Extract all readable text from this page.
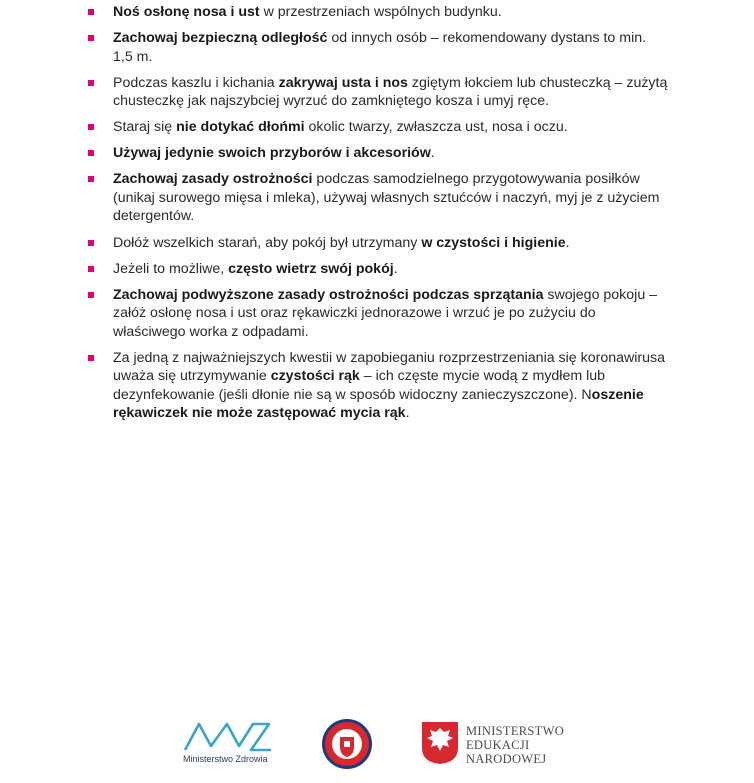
Noś osłonę nosa i ust w przestrzeniach wspólnych budynku.
Zachowaj bezpieczną odległość od innych osób – rekomendowany dystans to min. 1,5 m.
Podczas kaszlu i kichania zakrywaj usta i nos zgiętym łokciem lub chusteczką – zużytą chusteczkę jak najszybciej wyrzuć do zamkniętego kosza i umyj ręce.
Staraj się nie dotykać dłońmi okolic twarzy, zwłaszcza ust, nosa i oczu.
Używaj jedynie swoich przyborów i akcesoriów.
Zachowaj zasady ostrożności podczas samodzielnego przygotowywania posiłków (unikaj surowego mięsa i mleka), używaj własnych sztućców i naczyń, myj je z użyciem detergentów.
Dołóż wszelkich starań, aby pokój był utrzymany w czystości i higienie.
Jeżeli to możliwe, często wietrz swój pokój.
Zachowaj podwyższone zasady ostrożności podczas sprzątania swojego pokoju – załóż osłonę nosa i ust oraz rękawiczki jednorazowe i wrzuć je po zużyciu do właściwego worka z odpadami.
Za jedną z najważniejszych kwestii w zapobieganiu rozprzestrzeniania się koronawirusa uważa się utrzymywanie czystości rąk – ich częste mycie wodą z mydłem lub dezynfekowanie (jeśli dłonie nie są w sposób widoczny zanieczyszczone). Noszenie rękawiczek nie może zastępować mycia rąk.
Ministerstwo Zdrowia
MINISTERSTWO
EDUKACJI
NARODOWEJ
